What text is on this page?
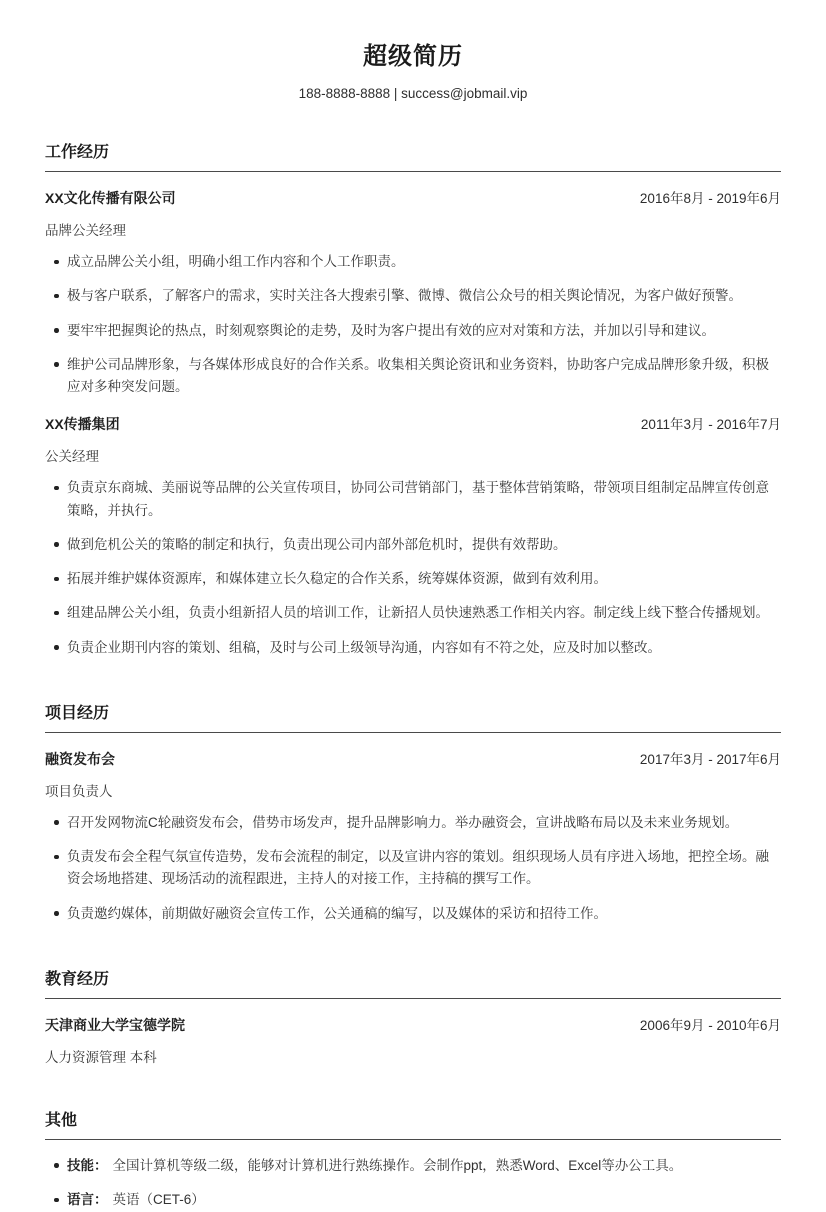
超级简历
188-8888-8888 | success@jobmail.vip
工作经历
XX文化传播有限公司	2016年8月 - 2019年6月
品牌公关经理
成立品牌公关小组，明确小组工作内容和个人工作职责。
极与客户联系，了解客户的需求，实时关注各大搜索引擎、微博、微信公众号的相关舆论情况，为客户做好预警。
要牢牢把握舆论的热点，时刻观察舆论的走势，及时为客户提出有效的应对对策和方法，并加以引导和建议。
维护公司品牌形象，与各媒体形成良好的合作关系。收集相关舆论资讯和业务资料，协助客户完成品牌形象升级，积极应对多种突发问题。
XX传播集团	2011年3月 - 2016年7月
公关经理
负责京东商城、美丽说等品牌的公关宣传项目，协同公司营销部门，基于整体营销策略，带领项目组制定品牌宣传创意策略，并执行。
做到危机公关的策略的制定和执行，负责出现公司内部外部危机时，提供有效帮助。
拓展并维护媒体资源库，和媒体建立长久稳定的合作关系，统筹媒体资源，做到有效利用。
组建品牌公关小组，负责小组新招人员的培训工作，让新招人员快速熟悉工作相关内容。制定线上线下整合传播规划。
负责企业期刊内容的策划、组稿，及时与公司上级领导沟通，内容如有不符之处，应及时加以整改。
项目经历
融资发布会	2017年3月 - 2017年6月
项目负责人
召开发网物流C轮融资发布会，借势市场发声，提升品牌影响力。举办融资会，宣讲战略布局以及未来业务规划。
负责发布会全程气氛宣传造势，发布会流程的制定，以及宣讲内容的策划。组织现场人员有序进入场地，把控全场。融资会场地搭建、现场活动的流程跟进，主持人的对接工作，主持稿的撰写工作。
负责邀约媒体，前期做好融资会宣传工作，公关通稿的编写，以及媒体的采访和招待工作。
教育经历
天津商业大学宝德学院	2006年9月 - 2010年6月
人力资源管理 本科
其他
技能： 全国计算机等级二级，能够对计算机进行熟练操作。会制作ppt，熟悉Word、Excel等办公工具。
语言： 英语（CET-6）
